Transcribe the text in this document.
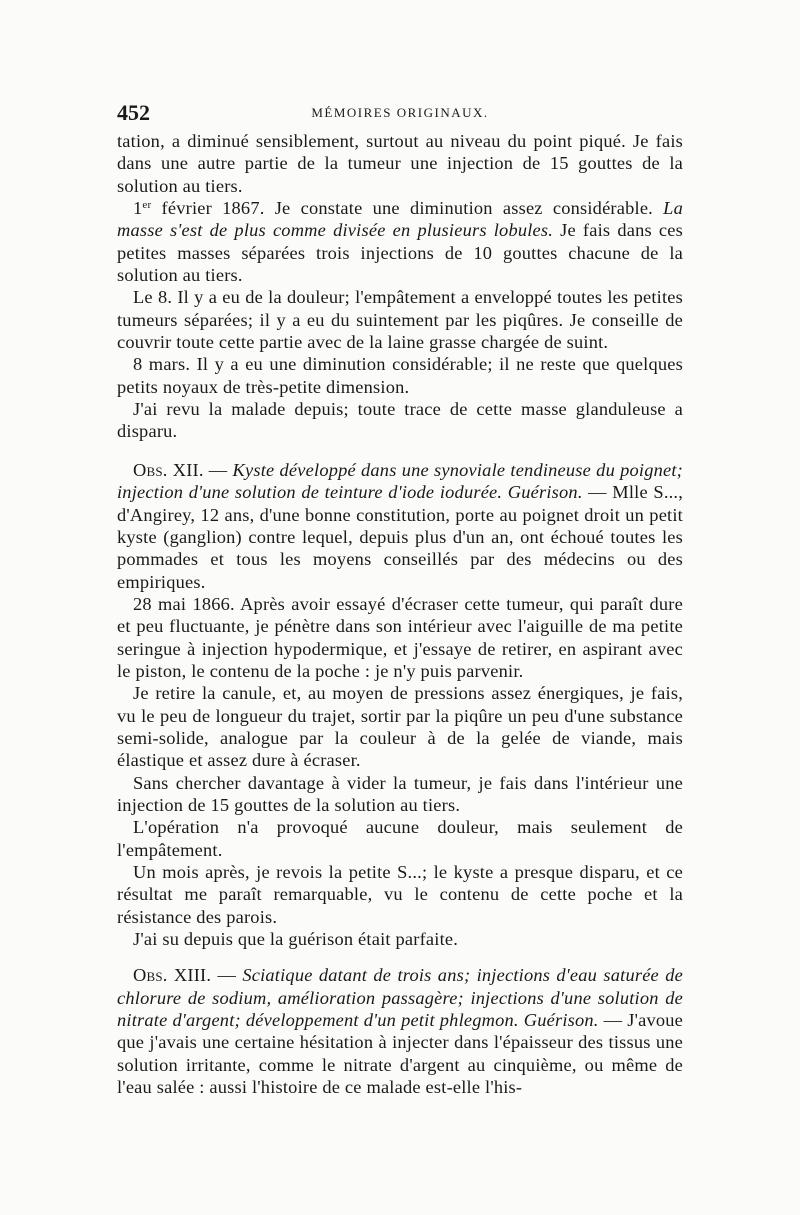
452	MÉMOIRES ORIGINAUX.

tation, a diminué sensiblement, surtout au niveau du point piqué. Je fais dans une autre partie de la tumeur une injection de 15 gouttes de la solution au tiers.

1er février 1867. Je constate une diminution assez considérable. La masse s'est de plus comme divisée en plusieurs lobules. Je fais dans ces petites masses séparées trois injections de 10 gouttes chacune de la solution au tiers.

Le 8. Il y a eu de la douleur; l'empâtement a enveloppé toutes les petites tumeurs séparées; il y a eu du suintement par les piqûres. Je conseille de couvrir toute cette partie avec de la laine grasse chargée de suint.

8 mars. Il y a eu une diminution considérable; il ne reste que quelques petits noyaux de très-petite dimension.

J'ai revu la malade depuis; toute trace de cette masse glanduleuse a disparu.

Obs. XII. — Kyste développé dans une synoviale tendineuse du poignet; injection d'une solution de teinture d'iode iodurée. Guérison. — Mlle S..., d'Angirey, 12 ans, d'une bonne constitution, porte au poignet droit un petit kyste (ganglion) contre lequel, depuis plus d'un an, ont échoué toutes les pommades et tous les moyens conseillés par des médecins ou des empiriques.

28 mai 1866. Après avoir essayé d'écraser cette tumeur, qui paraît dure et peu fluctuante, je pénètre dans son intérieur avec l'aiguille de ma petite seringue à injection hypodermique, et j'essaye de retirer, en aspirant avec le piston, le contenu de la poche : je n'y puis parvenir.

Je retire la canule, et, au moyen de pressions assez énergiques, je fais, vu le peu de longueur du trajet, sortir par la piqûre un peu d'une substance semi-solide, analogue par la couleur à de la gelée de viande, mais élastique et assez dure à écraser.

Sans chercher davantage à vider la tumeur, je fais dans l'intérieur une injection de 15 gouttes de la solution au tiers.

L'opération n'a provoqué aucune douleur, mais seulement de l'empâtement.

Un mois après, je revois la petite S...; le kyste a presque disparu, et ce résultat me paraît remarquable, vu le contenu de cette poche et la résistance des parois.

J'ai su depuis que la guérison était parfaite.

Obs. XIII. — Sciatique datant de trois ans; injections d'eau saturée de chlorure de sodium, amélioration passagère; injections d'une solution de nitrate d'argent; développement d'un petit phlegmon. Guérison. — J'avoue que j'avais une certaine hésitation à injecter dans l'épaisseur des tissus une solution irritante, comme le nitrate d'argent au cinquième, ou même de l'eau salée : aussi l'histoire de ce malade est-elle l'his-
